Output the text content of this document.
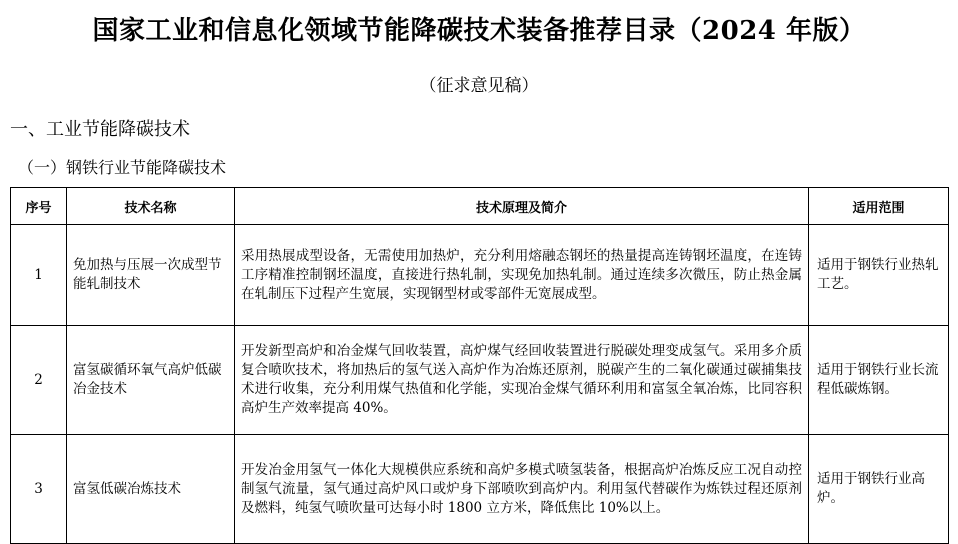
国家工业和信息化领域节能降碳技术装备推荐目录（2024 年版）
（征求意见稿）
一、工业节能降碳技术
（一）钢铁行业节能降碳技术
序号	技术名称	技术原理及简介	适用范围
1	免加热与压展一次成型节能轧制技术	采用热展成型设备，无需使用加热炉，充分利用熔融态钢坯的热量提高连铸钢坯温度，在连铸工序精准控制钢坯温度，直接进行热轧制，实现免加热轧制。通过连续多次微压，防止热金属在轧制压下过程产生宽展，实现钢型材或零部件无宽展成型。	适用于钢铁行业热轧工艺。
2	富氢碳循环氧气高炉低碳冶金技术	开发新型高炉和冶金煤气回收装置，高炉煤气经回收装置进行脱碳处理变成氢气。采用多介质复合喷吹技术，将加热后的氢气送入高炉作为冶炼还原剂，脱碳产生的二氧化碳通过碳捕集技术进行收集，充分利用煤气热值和化学能，实现冶金煤气循环利用和富氢全氧冶炼，比同容积高炉生产效率提高 40%。	适用于钢铁行业长流程低碳炼钢。
3	富氢低碳冶炼技术	开发冶金用氢气一体化大规模供应系统和高炉多模式喷氢装备，根据高炉冶炼反应工况自动控制氢气流量，氢气通过高炉风口或炉身下部喷吹到高炉内。利用氢代替碳作为炼铁过程还原剂及燃料，纯氢气喷吹量可达每小时 1800 立方米，降低焦比 10%以上。	适用于钢铁行业高炉。
